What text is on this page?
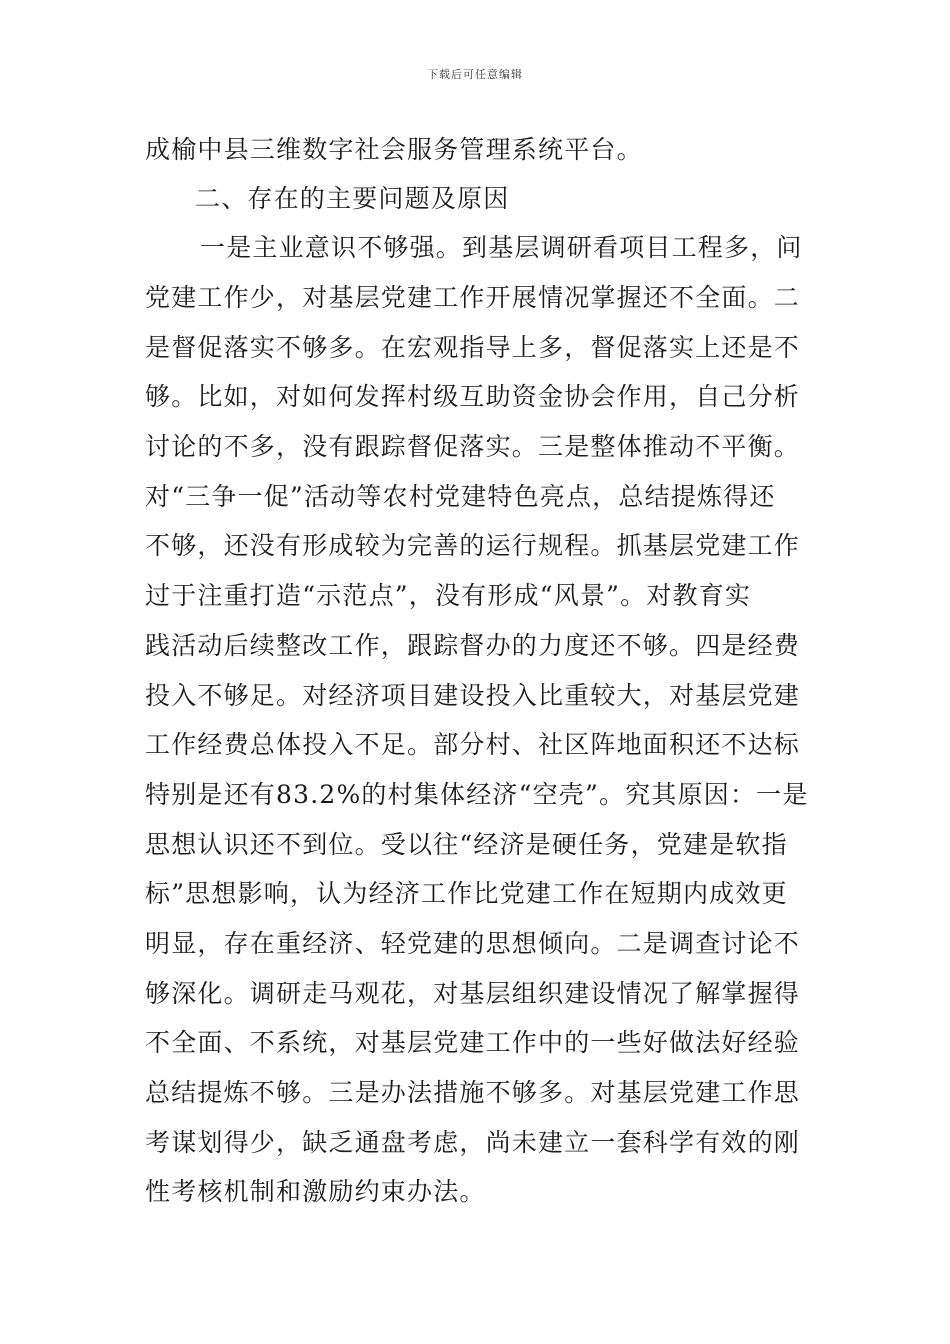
下载后可任意编辑
成榆中县三维数字社会服务管理系统平台。
二、存在的主要问题及原因
一是主业意识不够强。到基层调研看项目工程多，问
党建工作少，对基层党建工作开展情况掌握还不全面。二
是督促落实不够多。在宏观指导上多，督促落实上还是不
够。比如，对如何发挥村级互助资金协会作用，自己分析
讨论的不多，没有跟踪督促落实。三是整体推动不平衡。
对“三争一促”活动等农村党建特色亮点，总结提炼得还
不够，还没有形成较为完善的运行规程。抓基层党建工作
过于注重打造“示范点”，没有形成“风景”。对教育实
践活动后续整改工作，跟踪督办的力度还不够。四是经费
投入不够足。对经济项目建设投入比重较大，对基层党建
工作经费总体投入不足。部分村、社区阵地面积还不达标
特别是还有83.2%的村集体经济“空壳”。究其原因：一是
思想认识还不到位。受以往“经济是硬任务，党建是软指
标”思想影响，认为经济工作比党建工作在短期内成效更
明显，存在重经济、轻党建的思想倾向。二是调查讨论不
够深化。调研走马观花，对基层组织建设情况了解掌握得
不全面、不系统，对基层党建工作中的一些好做法好经验
总结提炼不够。三是办法措施不够多。对基层党建工作思
考谋划得少，缺乏通盘考虑，尚未建立一套科学有效的刚
性考核机制和激励约束办法。
